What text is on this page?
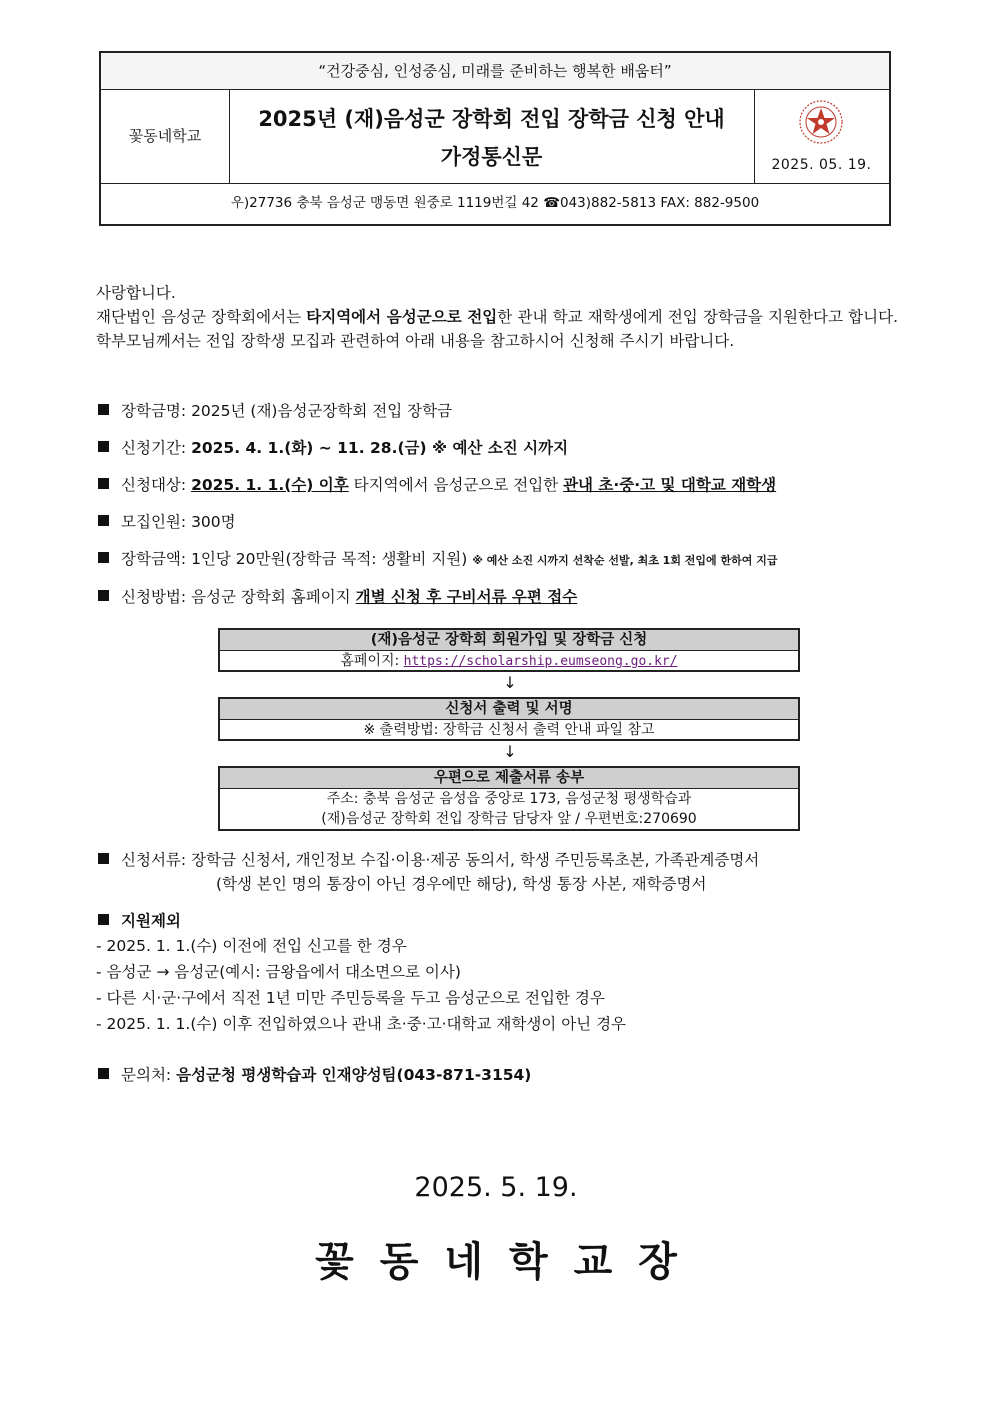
“건강중심, 인성중심, 미래를 준비하는 행복한 배움터”
꽃동네학교
2025년 (재)음성군 장학회 전입 장학금 신청 안내
가정통신문	2025. 05. 19.
우)27736 충북 음성군 맹동면 원중로 1119번길 42 ☎043)882-5813 FAX: 882-9500
사랑합니다.
재단법인 음성군 장학회에서는 타지역에서 음성군으로 전입한 관내 학교 재학생에게 전입 장학금을 지원한다고 합니다. 학부모님께서는 전입 장학생 모집과 관련하여 아래 내용을 참고하시어 신청해 주시기 바랍니다.
장학금명: 2025년 (재)음성군장학회 전입 장학금
신청기간: 2025. 4. 1.(화) ~ 11. 28.(금) ※ 예산 소진 시까지
신청대상: 2025. 1. 1.(수) 이후 타지역에서 음성군으로 전입한 관내 초·중·고 및 대학교 재학생
모집인원: 300명
장학금액: 1인당 20만원(장학금 목적: 생활비 지원) ※ 예산 소진 시까지 선착순 선발, 최초 1회 전입에 한하여 지급
신청방법: 음성군 장학회 홈페이지 개별 신청 후 구비서류 우편 접수
(재)음성군 장학회 회원가입 및 장학금 신청
홈페이지: https://scholarship.eumseong.go.kr/
↓
신청서 출력 및 서명
※ 출력방법: 장학금 신청서 출력 안내 파일 참고
↓
우편으로 제출서류 송부
주소: 충북 음성군 음성읍 중앙로 173, 음성군청 평생학습과
(재)음성군 장학회 전입 장학금 담당자 앞 / 우편번호:270690
신청서류: 장학금 신청서, 개인정보 수집·이용·제공 동의서, 학생 주민등록초본, 가족관계증명서
(학생 본인 명의 통장이 아닌 경우에만 해당), 학생 통장 사본, 재학증명서
지원제외
- 2025. 1. 1.(수) 이전에 전입 신고를 한 경우
- 음성군 → 음성군(예시: 금왕읍에서 대소면으로 이사)
- 다른 시·군·구에서 직전 1년 미만 주민등록을 두고 음성군으로 전입한 경우
- 2025. 1. 1.(수) 이후 전입하였으나 관내 초·중·고·대학교 재학생이 아닌 경우
문의처: 음성군청 평생학습과 인재양성팀(043-871-3154)
2025. 5. 19.
꽃동네학교장
